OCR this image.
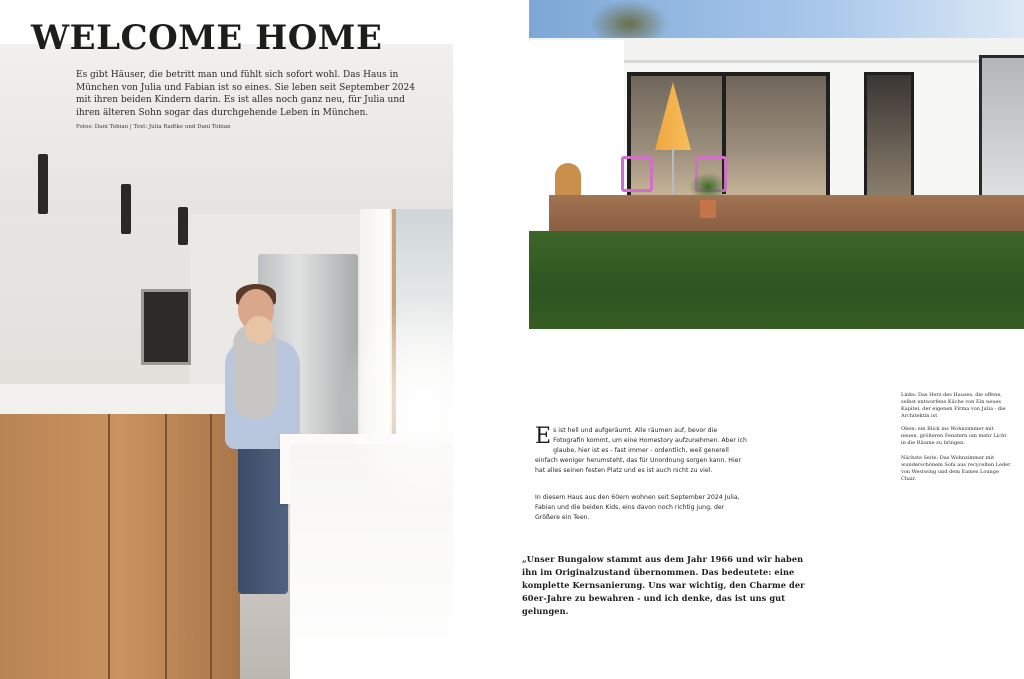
WELCOME HOME

Es gibt Häuser, die betritt man und fühlt sich sofort wohl. Das Haus in München von Julia und Fabian ist so eines. Sie leben seit September 2024 mit ihren beiden Kindern darin. Es ist alles noch ganz neu, für Julia und ihren älteren Sohn sogar das durchgehende Leben in München.

Fotos: Dani Tobian | Text: Julia Radtke und Dani Tobian

Es ist hell und aufgeräumt. Alle räumen auf, bevor die Fotografin kommt, um eine Homestory aufzunehmen. Aber ich glaube, hier ist es - fast immer - ordentlich, weil generell einfach weniger herumsteht, das für Unordnung sorgen kann. Hier hat alles seinen festen Platz und es ist auch nicht zu viel.

In diesem Haus aus den 60ern wohnen seit September 2024 Julia, Fabian und die beiden Kids, eins davon noch richtig jung, der Größere ein Teen.

„Unser Bungalow stammt aus dem Jahr 1966 und wir haben ihn im Originalzustand übernommen. Das bedeutete: eine komplette Kernsanierung. Uns war wichtig, den Charme der 60er-Jahre zu bewahren - und ich denke, das ist uns gut gelungen.

Links: Das Herz des Hauses, die offene, selbst entworfene Küche von Ein neues Kapitel, der eigenen Firma von Julia - die Architektin ist

Oben: ein Blick ins Wohnzimmer mit neuen, größeren Fenstern um mehr Licht in die Räume zu bringen.

Nächste Seite: Das Wohnzimmer mit wunderschönem Sofa aus recycelten Leder von Westwing und dem Eames Lounge Chair.
